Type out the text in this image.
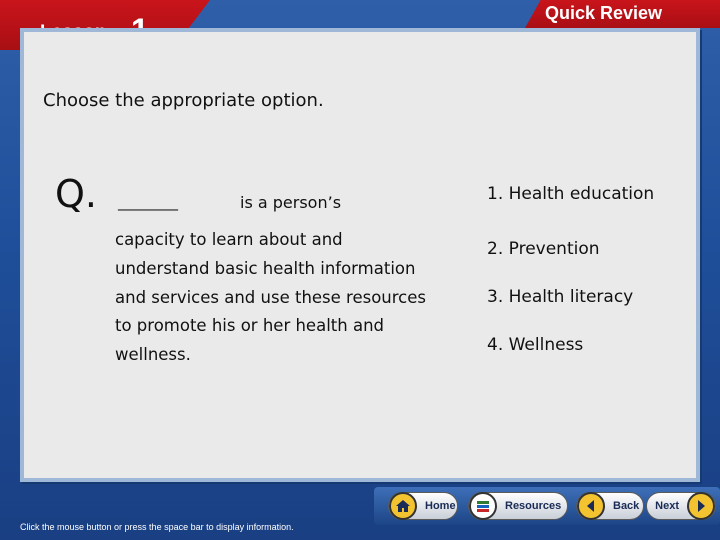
Quick Review
Choose the appropriate option.
Q. ________	is a person’s
capacity to learn about and understand basic health information and services and use these resources to promote his or her health and wellness.
1. Health education
2. Prevention
3. Health literacy
4. Wellness
Home	Resources	Back	Next
Click the mouse button or press the space bar to display information.
